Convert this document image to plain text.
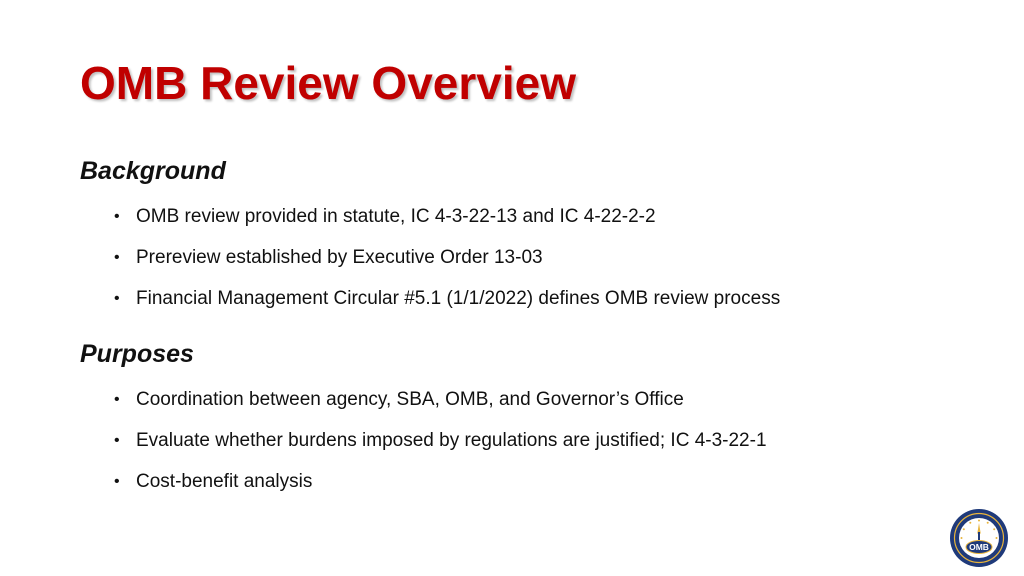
OMB Review Overview
Background
• OMB review provided in statute, IC 4-3-22-13 and IC 4-22-2-2
• Prereview established by Executive Order 13-03
• Financial Management Circular #5.1 (1/1/2022) defines OMB review process
Purposes
• Coordination between agency, SBA, OMB, and Governor’s Office
• Evaluate whether burdens imposed by regulations are justified; IC 4-3-22-1
• Cost-benefit analysis
OMB
